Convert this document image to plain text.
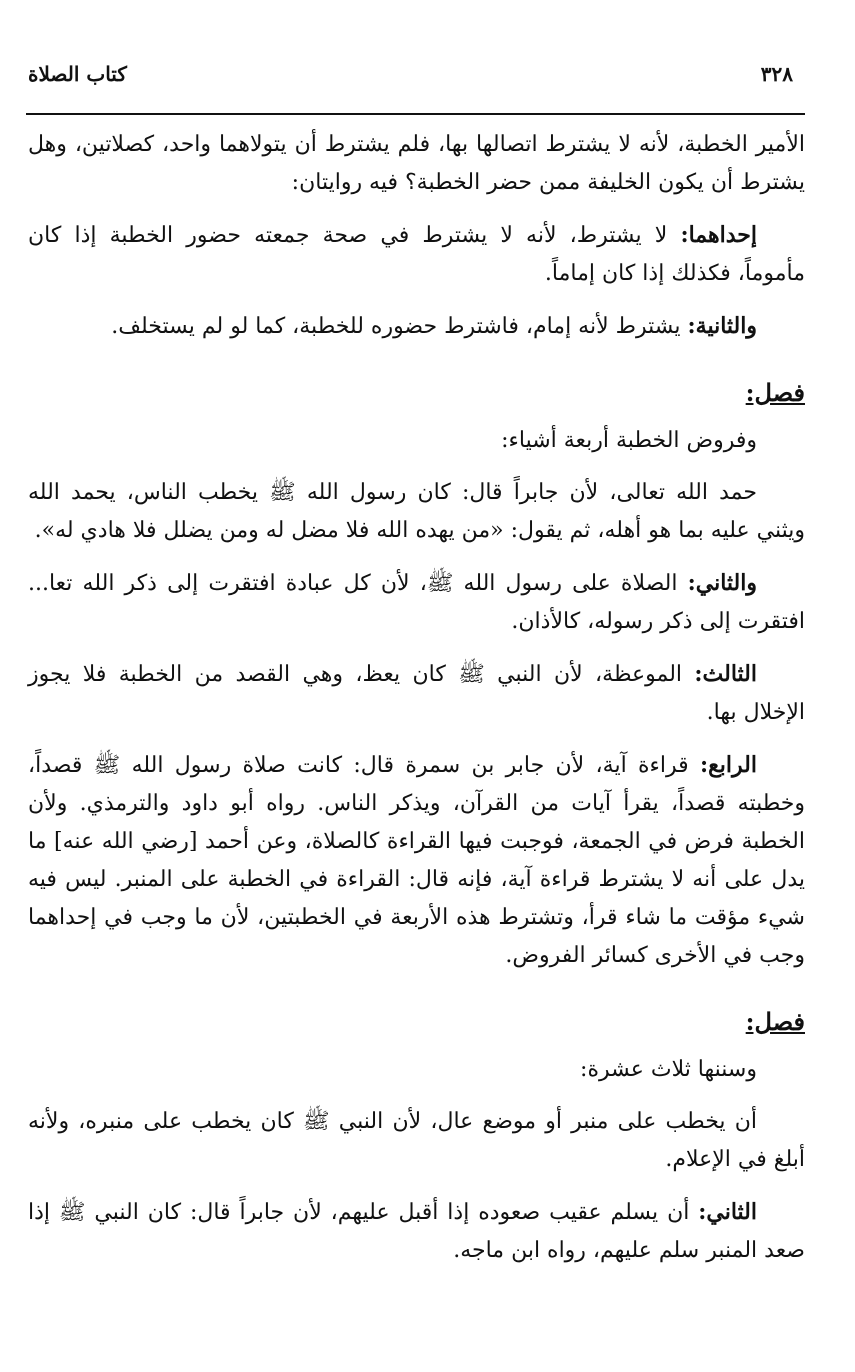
٣٢٨
كتاب الصلاة

الأمير الخطبة، لأنه لا يشترط اتصالها بها، فلم يشترط أن يتولاهما واحد، كصلاتين، وهل يشترط أن يكون الخليفة ممن حضر الخطبة؟ فيه روايتان:

إحداهما: لا يشترط، لأنه لا يشترط في صحة جمعته حضور الخطبة إذا كان مأموماً، فكذلك إذا كان إماماً.

والثانية: يشترط لأنه إمام، فاشترط حضوره للخطبة، كما لو لم يستخلف.

فصل:

وفروض الخطبة أربعة أشياء:

حمد الله تعالى، لأن جابراً قال: كان رسول الله ﷺ يخطب الناس، يحمد الله ويثني عليه بما هو أهله، ثم يقول: «من يهده الله فلا مضل له ومن يضلل فلا هادي له».

والثاني: الصلاة على رسول الله ﷺ، لأن كل عبادة افتقرت إلى ذكر الله تعا... افتقرت إلى ذكر رسوله، كالأذان.

الثالث: الموعظة، لأن النبي ﷺ كان يعظ، وهي القصد من الخطبة فلا يجوز الإخلال بها.

الرابع: قراءة آية، لأن جابر بن سمرة قال: كانت صلاة رسول الله ﷺ قصداً، وخطبته قصداً، يقرأ آيات من القرآن، ويذكر الناس. رواه أبو داود والترمذي. ولأن الخطبة فرض في الجمعة، فوجبت فيها القراءة كالصلاة، وعن أحمد [رضي الله عنه] ما يدل على أنه لا يشترط قراءة آية، فإنه قال: القراءة في الخطبة على المنبر. ليس فيه شيء مؤقت ما شاء قرأ، وتشترط هذه الأربعة في الخطبتين، لأن ما وجب في إحداهما وجب في الأخرى كسائر الفروض.

فصل:

وسننها ثلاث عشرة:

أن يخطب على منبر أو موضع عال، لأن النبي ﷺ كان يخطب على منبره، ولأنه أبلغ في الإعلام.

الثاني: أن يسلم عقيب صعوده إذا أقبل عليهم، لأن جابراً قال: كان النبي ﷺ إذا صعد المنبر سلم عليهم، رواه ابن ماجه.
